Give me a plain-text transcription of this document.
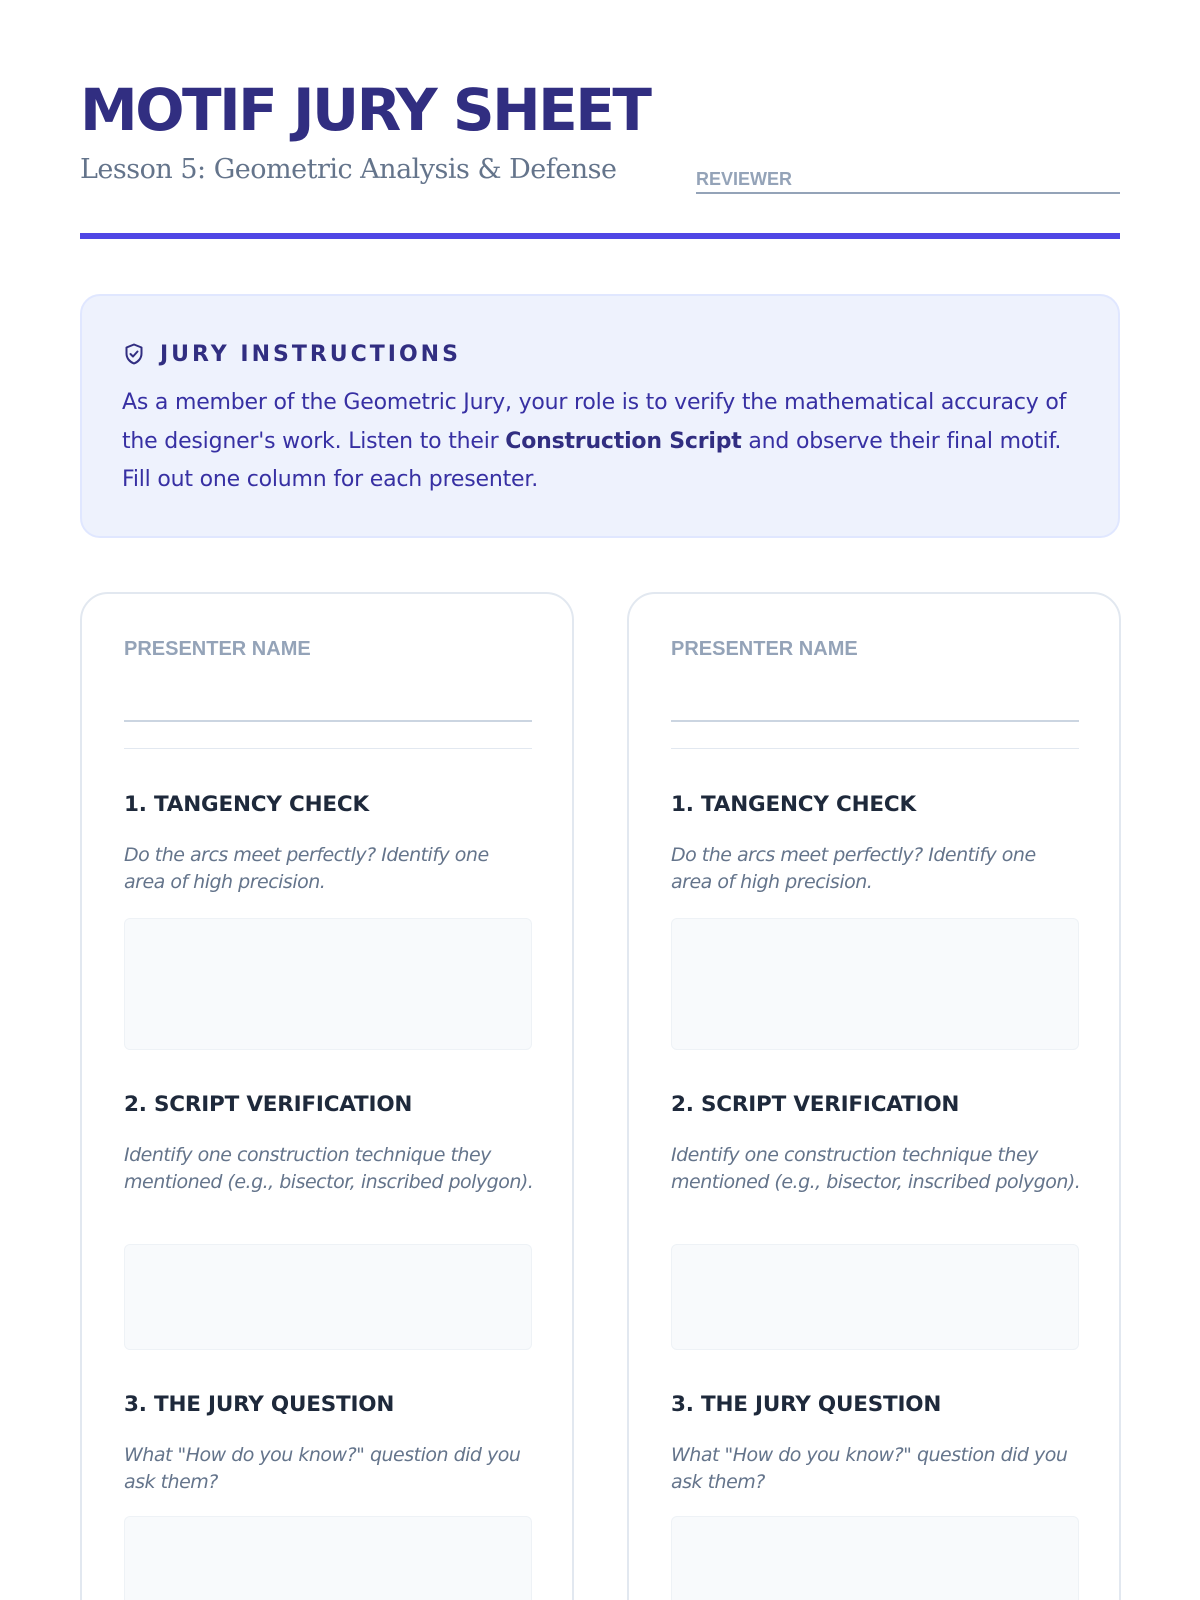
MOTIF JURY SHEET
Lesson 5: Geometric Analysis & Defense	REVIEWER
JURY INSTRUCTIONS

As a member of the Geometric Jury, your role is to verify the mathematical accuracy of the designer's work. Listen to their Construction Script and observe their final motif. Fill out one column for each presenter.

PRESENTER NAME
1. TANGENCY CHECK
Do the arcs meet perfectly? Identify one area of high precision.
2. SCRIPT VERIFICATION
Identify one construction technique they mentioned (e.g., bisector, inscribed polygon).
3. THE JURY QUESTION
What "How do you know?" question did you ask them?
PRESENTER NAME
1. TANGENCY CHECK
Do the arcs meet perfectly? Identify one area of high precision.
2. SCRIPT VERIFICATION
Identify one construction technique they mentioned (e.g., bisector, inscribed polygon).
3. THE JURY QUESTION
What "How do you know?" question did you ask them?
